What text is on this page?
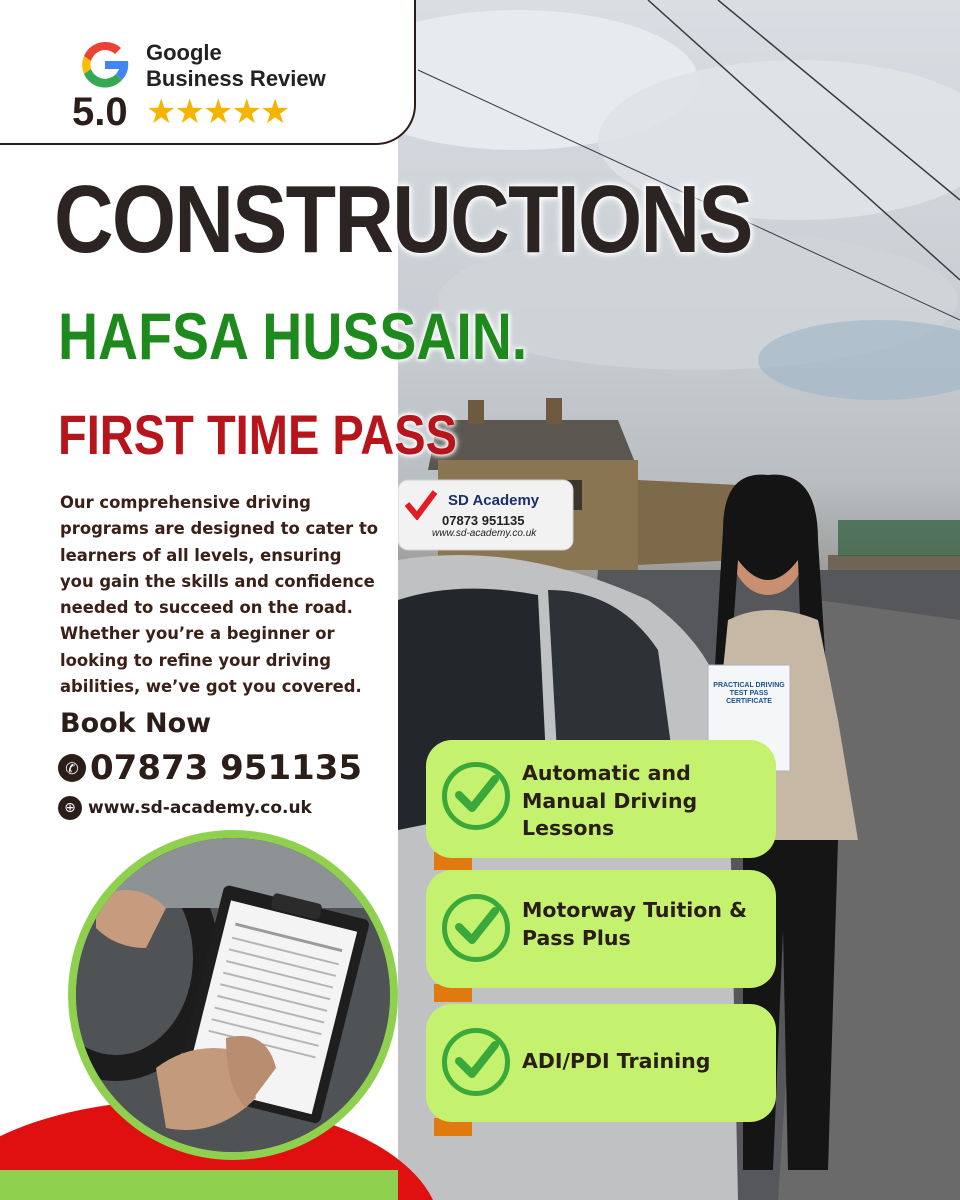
SD Academy
07873 951135
www.sd-academy.co.uk
PRACTICAL DRIVING TEST PASS CERTIFICATE
Google
Business Review
5.0 ★★★★★
CONSTRUCTIONS
HAFSA HUSSAIN.
FIRST TIME PASS

Our comprehensive driving programs are designed to cater to learners of all levels, ensuring you gain the skills and confidence needed to succeed on the road. Whether you’re a beginner or looking to refine your driving abilities, we’ve got you covered.

Book Now
✆ 07873 951135
⊕ www.sd-academy.co.uk
Automatic and
Manual Driving
Lessons
Motorway Tuition &
Pass Plus
ADI/PDI Training
